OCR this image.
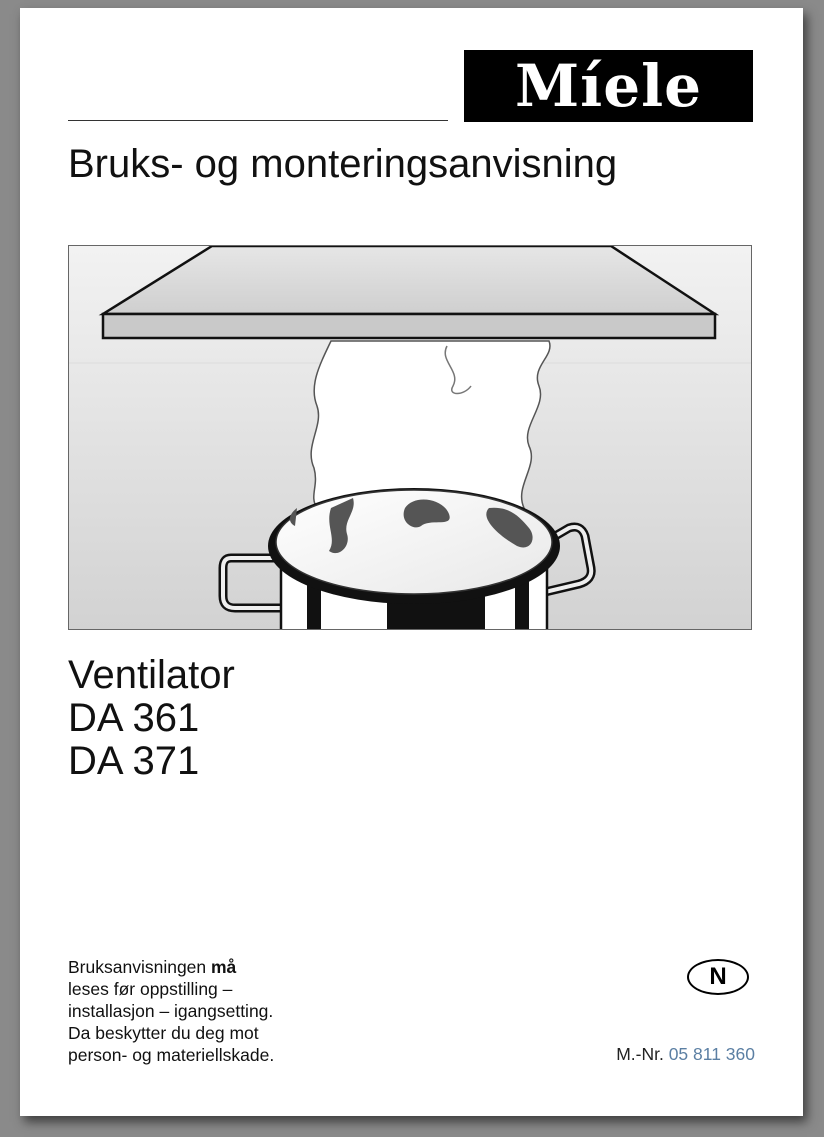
Míele
Bruks- og monteringsanvisning
Ventilator
DA 361
DA 371
Bruksanvisningen må
leses før oppstilling –
installasjon – igangsetting.
Da beskytter du deg mot
person- og materiellskade.
N
M.-Nr. 05 811 360
